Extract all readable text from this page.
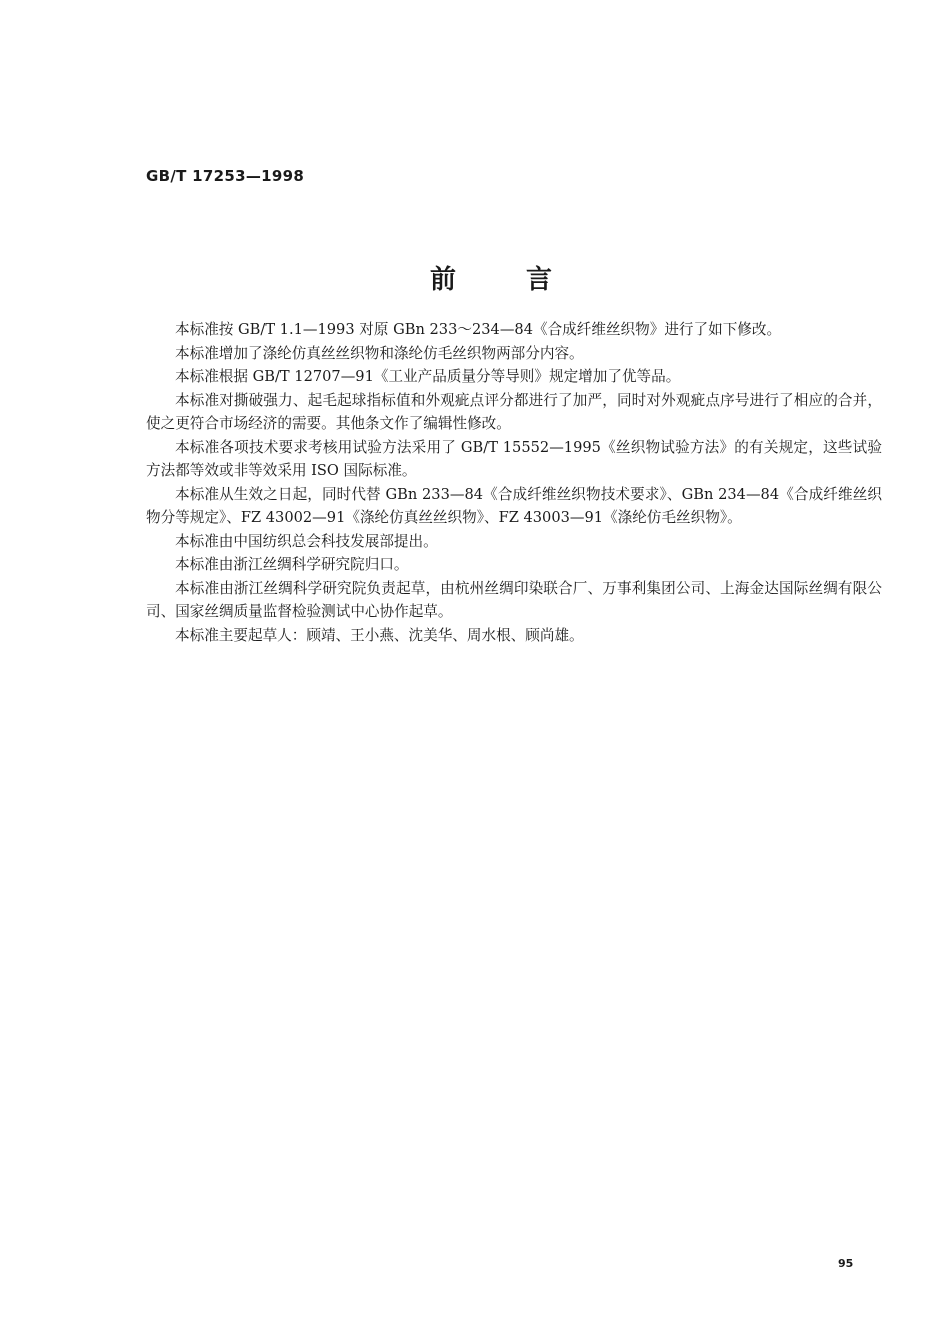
GB/T 17253—1998
前言

本标准按 GB/T 1.1—1993 对原 GBn 233～234—84《合成纤维丝织物》进行了如下修改。

本标准增加了涤纶仿真丝丝织物和涤纶仿毛丝织物两部分内容。

本标准根据 GB/T 12707—91《工业产品质量分等导则》规定增加了优等品。

本标准对撕破强力、起毛起球指标值和外观疵点评分都进行了加严，同时对外观疵点序号进行了相应的合并，使之更符合市场经济的需要。其他条文作了编辑性修改。

本标准各项技术要求考核用试验方法采用了 GB/T 15552—1995《丝织物试验方法》的有关规定，这些试验方法都等效或非等效采用 ISO 国际标准。

本标准从生效之日起，同时代替 GBn 233—84《合成纤维丝织物技术要求》、GBn 234—84《合成纤维丝织物分等规定》、FZ 43002—91《涤纶仿真丝丝织物》、FZ 43003—91《涤纶仿毛丝织物》。

本标准由中国纺织总会科技发展部提出。

本标准由浙江丝绸科学研究院归口。

本标准由浙江丝绸科学研究院负责起草，由杭州丝绸印染联合厂、万事利集团公司、上海金达国际丝绸有限公司、国家丝绸质量监督检验测试中心协作起草。

本标准主要起草人：顾靖、王小燕、沈美华、周水根、顾尚雄。

95
